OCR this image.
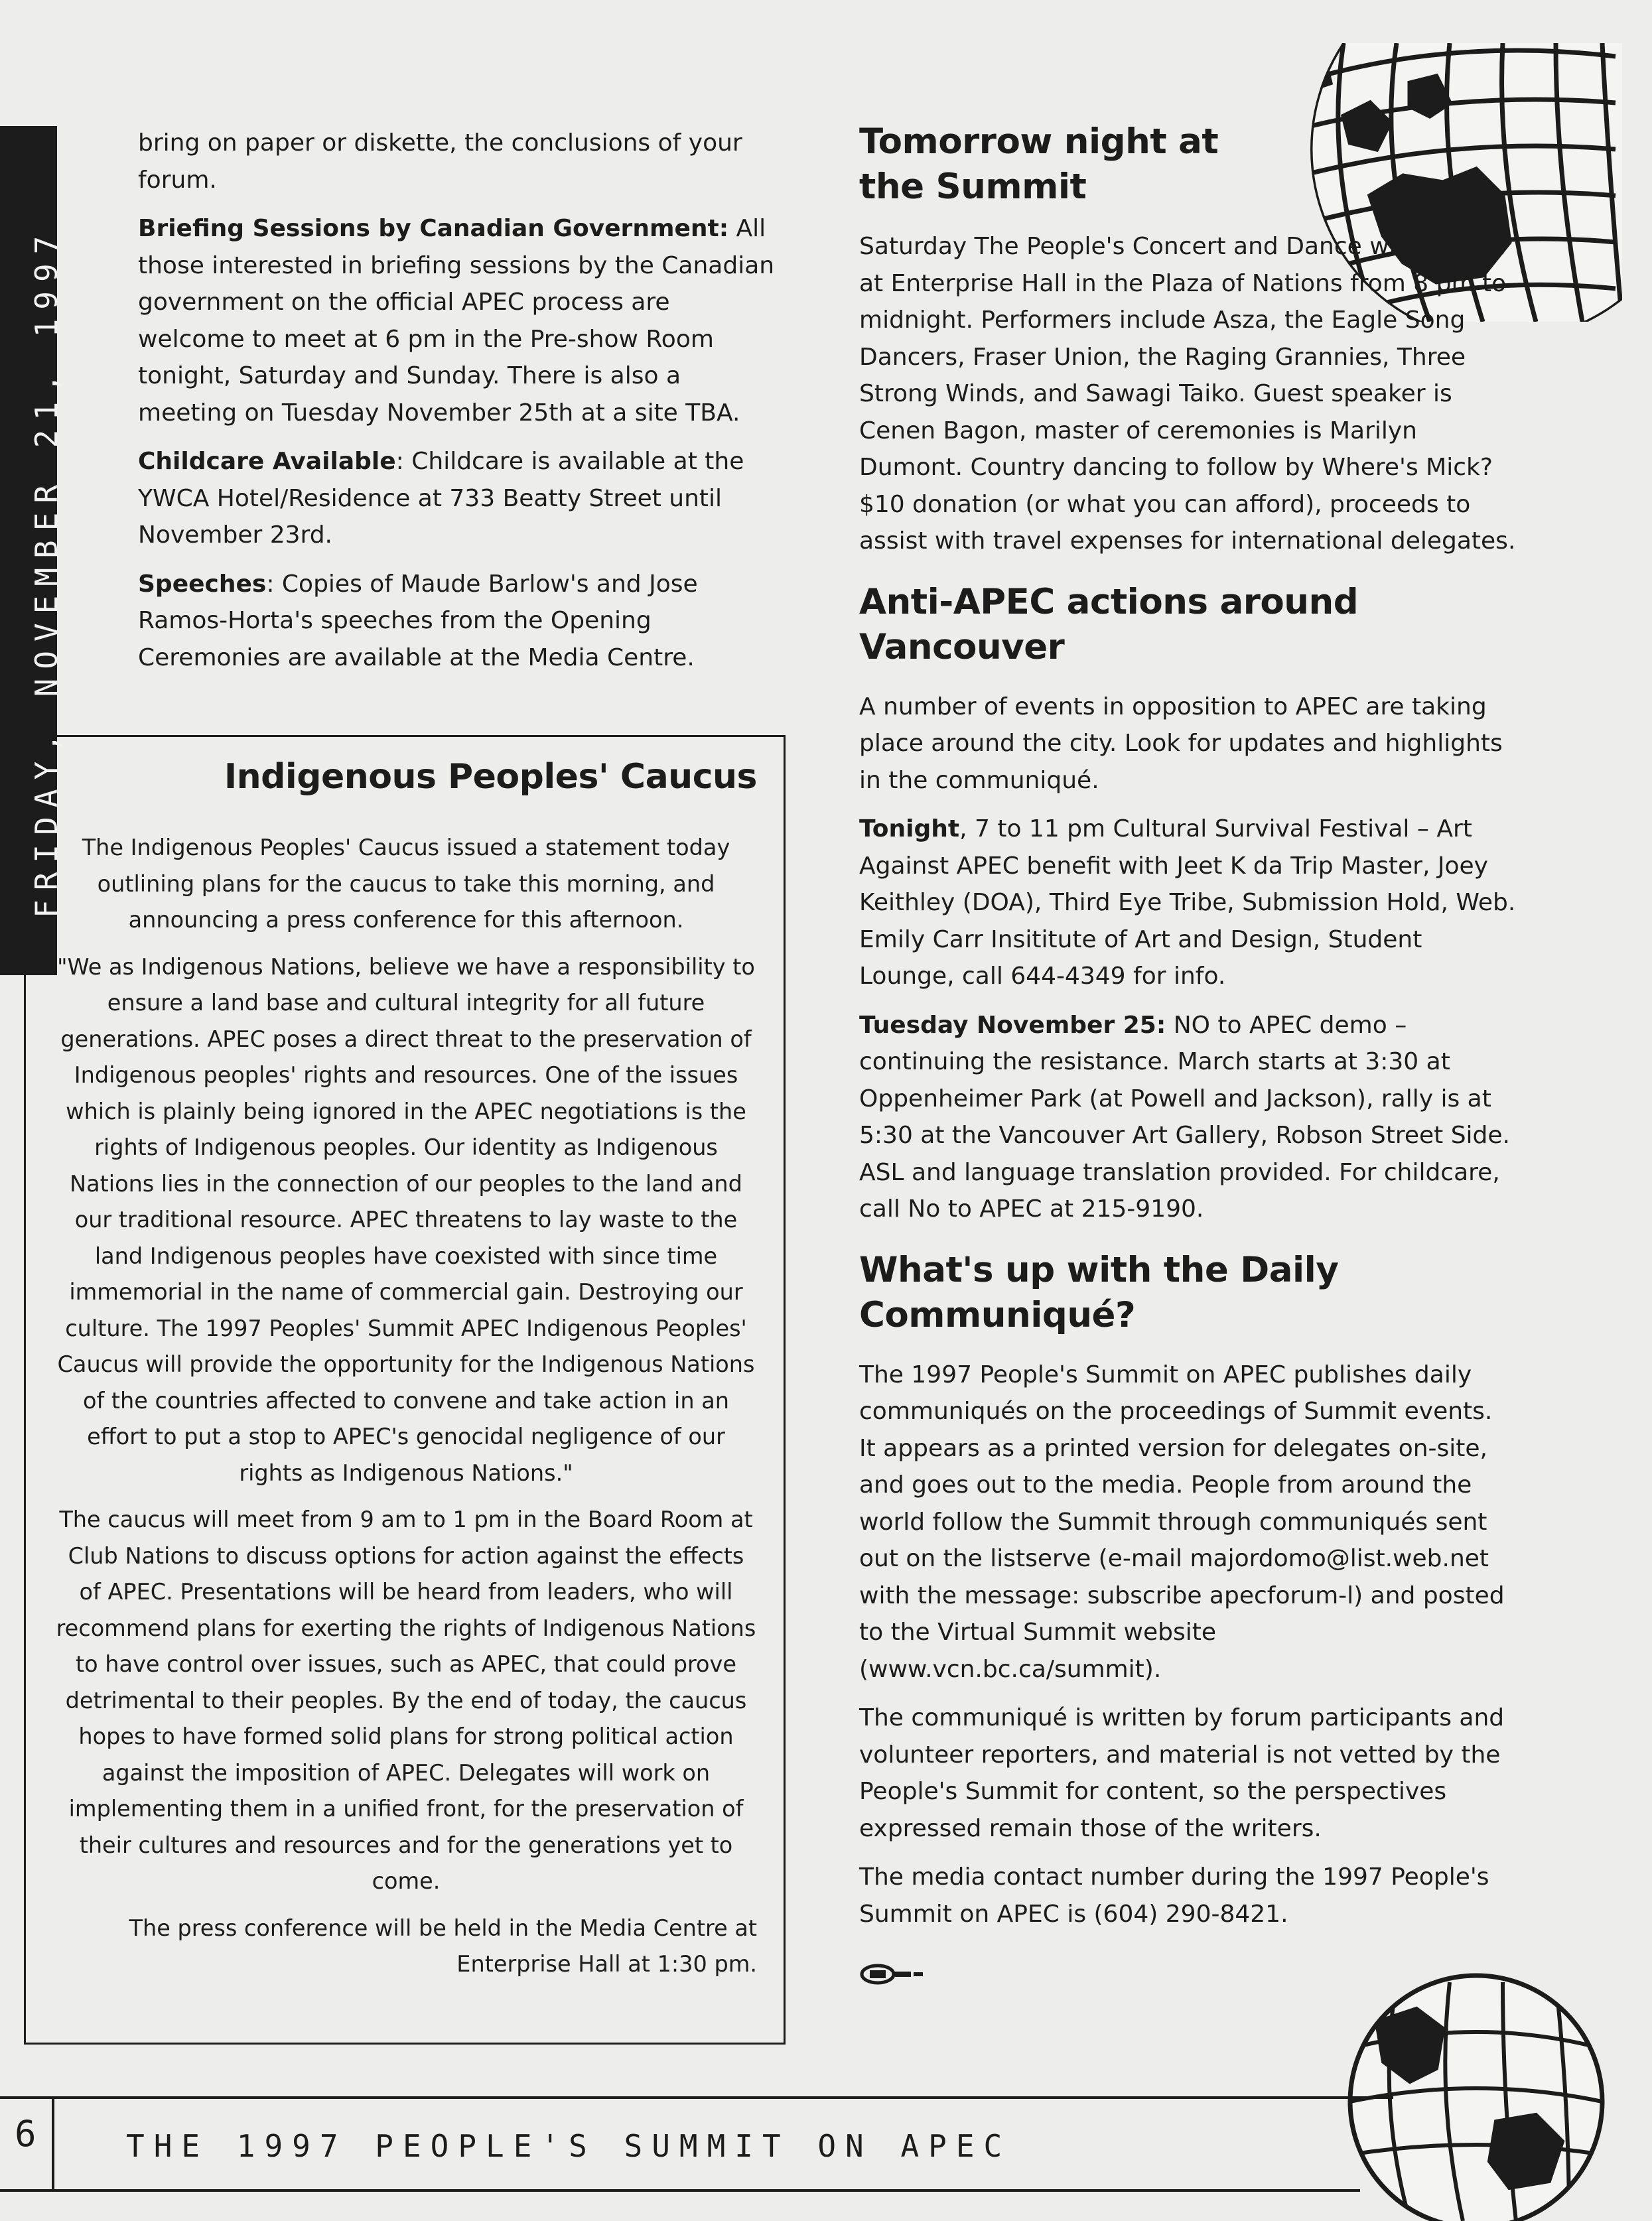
FRIDAY, NOVEMBER 21, 1997

bring on paper or diskette, the conclusions of your forum.

Briefing Sessions by Canadian Government: All those interested in briefing sessions by the Canadian government on the official APEC process are welcome to meet at 6 pm in the Pre-show Room tonight, Saturday and Sunday. There is also a meeting on Tuesday November 25th at a site TBA.

Childcare Available: Childcare is available at the YWCA Hotel/Residence at 733 Beatty Street until November 23rd.

Speeches: Copies of Maude Barlow's and Jose Ramos-Horta's speeches from the Opening Ceremonies are available at the Media Centre.

Indigenous Peoples' Caucus

The Indigenous Peoples' Caucus issued a statement today outlining plans for the caucus to take this morning, and announcing a press conference for this afternoon.

"We as Indigenous Nations, believe we have a responsibility to ensure a land base and cultural integrity for all future generations. APEC poses a direct threat to the preservation of Indigenous peoples' rights and resources. One of the issues which is plainly being ignored in the APEC negotiations is the rights of Indigenous peoples. Our identity as Indigenous Nations lies in the connection of our peoples to the land and our traditional resource. APEC threatens to lay waste to the land Indigenous peoples have coexisted with since time immemorial in the name of commercial gain. Destroying our culture. The 1997 Peoples' Summit APEC Indigenous Peoples' Caucus will provide the opportunity for the Indigenous Nations of the countries affected to convene and take action in an effort to put a stop to APEC's genocidal negligence of our rights as Indigenous Nations."

The caucus will meet from 9 am to 1 pm in the Board Room at Club Nations to discuss options for action against the effects of APEC. Presentations will be heard from leaders, who will recommend plans for exerting the rights of Indigenous Nations to have control over issues, such as APEC, that could prove detrimental to their peoples. By the end of today, the caucus hopes to have formed solid plans for strong political action against the imposition of APEC. Delegates will work on implementing them in a unified front, for the preservation of their cultures and resources and for the generations yet to come.

The press conference will be held in the Media Centre at Enterprise Hall at 1:30 pm.

Tomorrow night at the Summit

Saturday The People's Concert and Dance will be held at Enterprise Hall in the Plaza of Nations from 8 pm to midnight. Performers include Asza, the Eagle Song Dancers, Fraser Union, the Raging Grannies, Three Strong Winds, and Sawagi Taiko. Guest speaker is Cenen Bagon, master of ceremonies is Marilyn Dumont. Country dancing to follow by Where's Mick? $10 donation (or what you can afford), proceeds to assist with travel expenses for international delegates.

Anti-APEC actions around Vancouver

A number of events in opposition to APEC are taking place around the city. Look for updates and highlights in the communiqué.

Tonight, 7 to 11 pm Cultural Survival Festival – Art Against APEC benefit with Jeet K da Trip Master, Joey Keithley (DOA), Third Eye Tribe, Submission Hold, Web. Emily Carr Insititute of Art and Design, Student Lounge, call 644-4349 for info.

Tuesday November 25: NO to APEC demo – continuing the resistance. March starts at 3:30 at Oppenheimer Park (at Powell and Jackson), rally is at 5:30 at the Vancouver Art Gallery, Robson Street Side. ASL and language translation provided. For childcare, call No to APEC at 215-9190.

What's up with the Daily Communiqué?

The 1997 People's Summit on APEC publishes daily communiqués on the proceedings of Summit events. It appears as a printed version for delegates on-site, and goes out to the media. People from around the world follow the Summit through communiqués sent out on the listserve (e-mail majordomo@list.web.net with the message: subscribe apecforum-l) and posted to the Virtual Summit website (www.vcn.bc.ca/summit).

The communiqué is written by forum participants and volunteer reporters, and material is not vetted by the People's Summit for content, so the perspectives expressed remain those of the writers.

The media contact number during the 1997 People's Summit on APEC is (604) 290-8421.

6	THE 1997 PEOPLE'S SUMMIT ON APEC
